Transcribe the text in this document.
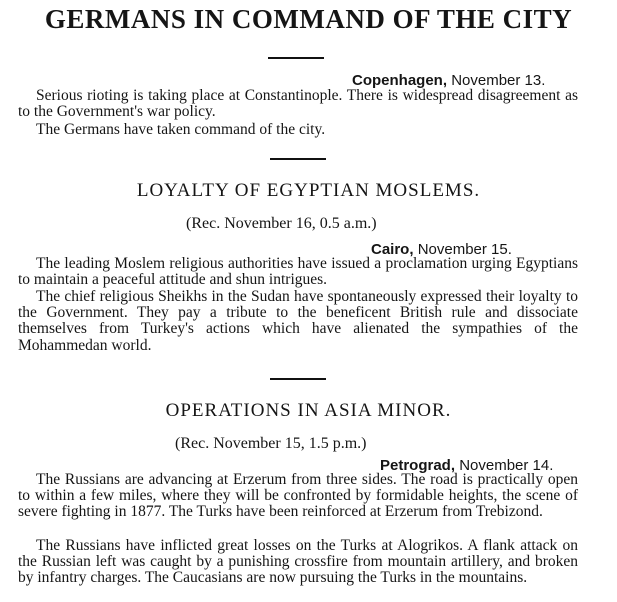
GERMANS IN COMMAND OF THE CITY
Copenhagen, November 13.
Serious rioting is taking place at Constantinople. There is widespread disagreement as to the Government's war policy.
The Germans have taken command of the city.
LOYALTY OF EGYPTIAN MOSLEMS.
(Rec. November 16, 0.5 a.m.)
Cairo, November 15.
The leading Moslem religious authorities have issued a proclamation urging Egyptians to maintain a peaceful attitude and shun intrigues.
The chief religious Sheikhs in the Sudan have spontaneously expressed their loyalty to the Government. They pay a tribute to the beneficent British rule and dissociate themselves from Turkey's actions which have alienated the sympathies of the Mohammedan world.
OPERATIONS IN ASIA MINOR.
(Rec. November 15, 1.5 p.m.)
Petrograd, November 14.
The Russians are advancing at Erzerum from three sides. The road is practically open to within a few miles, where they will be confronted by formidable heights, the scene of severe fighting in 1877. The Turks have been reinforced at Erzerum from Trebizond.
The Russians have inflicted great losses on the Turks at Alogrikos. A flank attack on the Russian left was caught by a punishing crossfire from mountain artillery, and broken by infantry charges. The Caucasians are now pursuing the Turks in the mountains.
